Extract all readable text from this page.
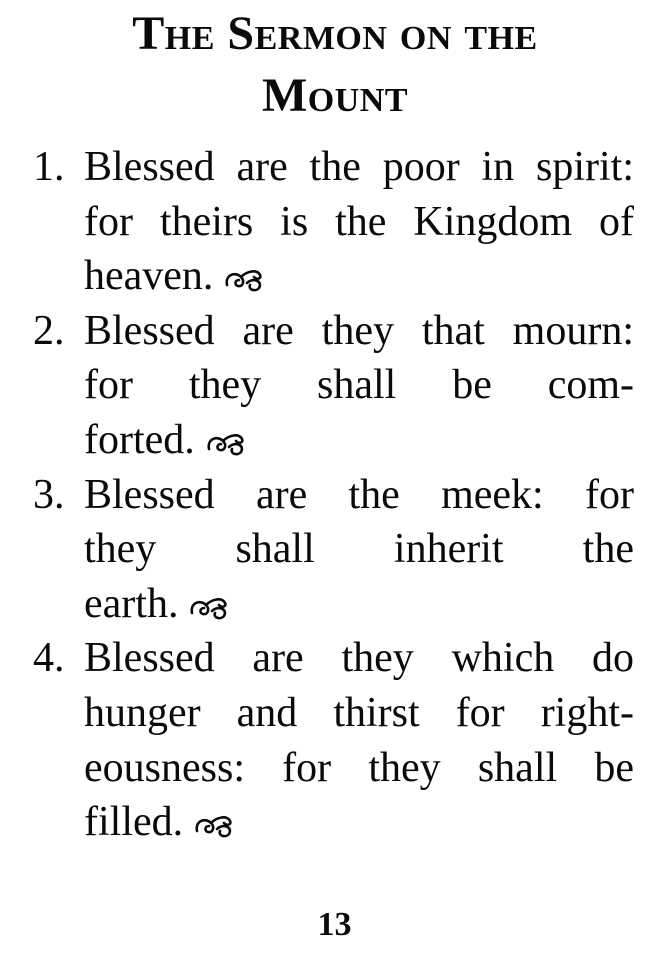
The Sermon on the
Mount
1. Blessed are the poor in spirit:
for theirs is the Kingdom of
heaven.
2. Blessed are they that mourn:
for they shall be com-
forted.
3. Blessed are the meek: for
they shall inherit the
earth.
4. Blessed are they which do
hunger and thirst for right-
eousness: for they shall be
filled.
13
